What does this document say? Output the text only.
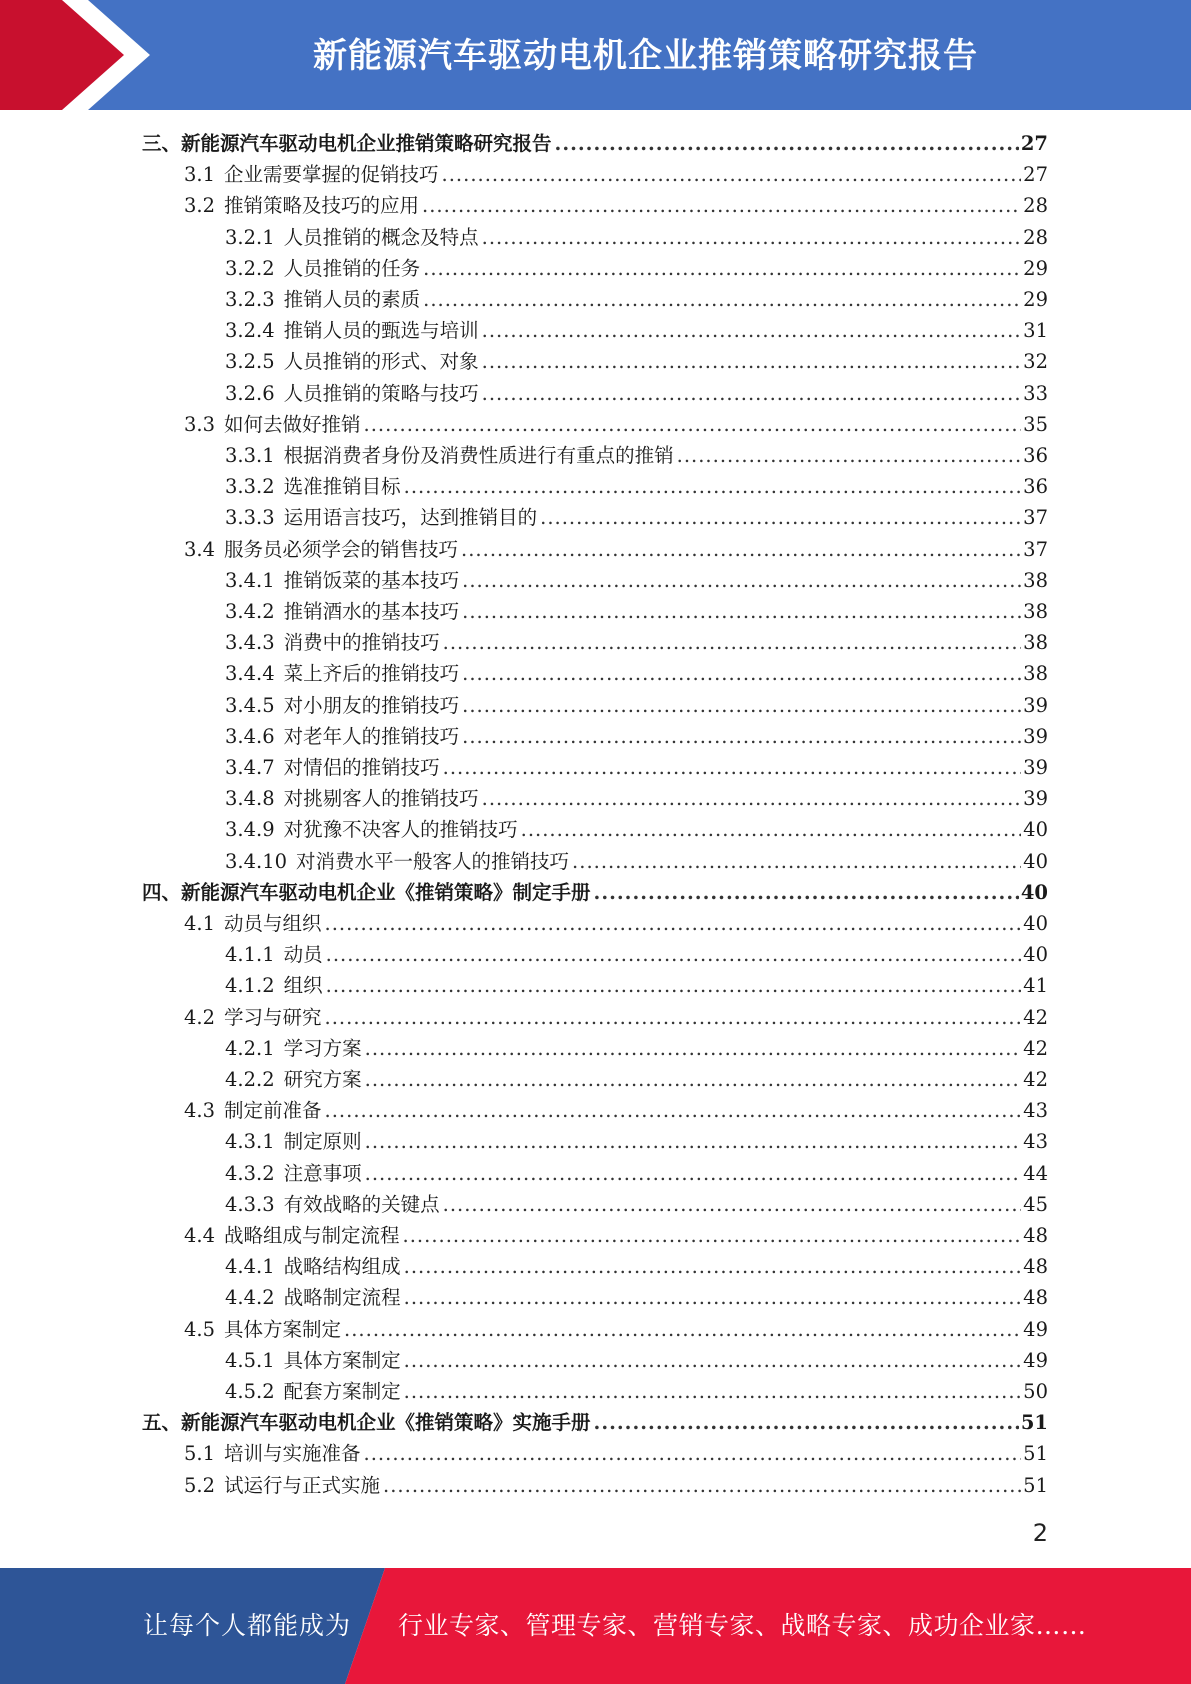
新能源汽车驱动电机企业推销策略研究报告
三、新能源汽车驱动电机企业推销策略研究报告 .....	27
3.1 企业需要掌握的促销技巧 .....	27
3.2 推销策略及技巧的应用 .....	28
3.2.1 人员推销的概念及特点 .....	28
3.2.2 人员推销的任务 .....	29
3.2.3 推销人员的素质 .....	29
3.2.4 推销人员的甄选与培训 .....	31
3.2.5 人员推销的形式、对象 .....	32
3.2.6 人员推销的策略与技巧 .....	33
3.3 如何去做好推销 .....	35
3.3.1 根据消费者身份及消费性质进行有重点的推销 .....	36
3.3.2 选准推销目标 .....	36
3.3.3 运用语言技巧，达到推销目的 .....	37
3.4 服务员必须学会的销售技巧 .....	37
3.4.1 推销饭菜的基本技巧 .....	38
3.4.2 推销酒水的基本技巧 .....	38
3.4.3 消费中的推销技巧 .....	38
3.4.4 菜上齐后的推销技巧 .....	38
3.4.5 对小朋友的推销技巧 .....	39
3.4.6 对老年人的推销技巧 .....	39
3.4.7 对情侣的推销技巧 .....	39
3.4.8 对挑剔客人的推销技巧 .....	39
3.4.9 对犹豫不决客人的推销技巧 .....	40
3.4.10 对消费水平一般客人的推销技巧 .....	40
四、新能源汽车驱动电机企业《推销策略》制定手册 .....	40
4.1 动员与组织 .....	40
4.1.1 动员 .....	40
4.1.2 组织 .....	41
4.2 学习与研究 .....	42
4.2.1 学习方案 .....	42
4.2.2 研究方案 .....	42
4.3 制定前准备 .....	43
4.3.1 制定原则 .....	43
4.3.2 注意事项 .....	44
4.3.3 有效战略的关键点 .....	45
4.4 战略组成与制定流程 .....	48
4.4.1 战略结构组成 .....	48
4.4.2 战略制定流程 .....	48
4.5 具体方案制定 .....	49
4.5.1 具体方案制定 .....	49
4.5.2 配套方案制定 .....	50
五、新能源汽车驱动电机企业《推销策略》实施手册 .....	51
5.1 培训与实施准备 .....	51
5.2 试运行与正式实施 .....	51
2
让每个人都能成为 行业专家、管理专家、营销专家、战略专家、成功企业家……
